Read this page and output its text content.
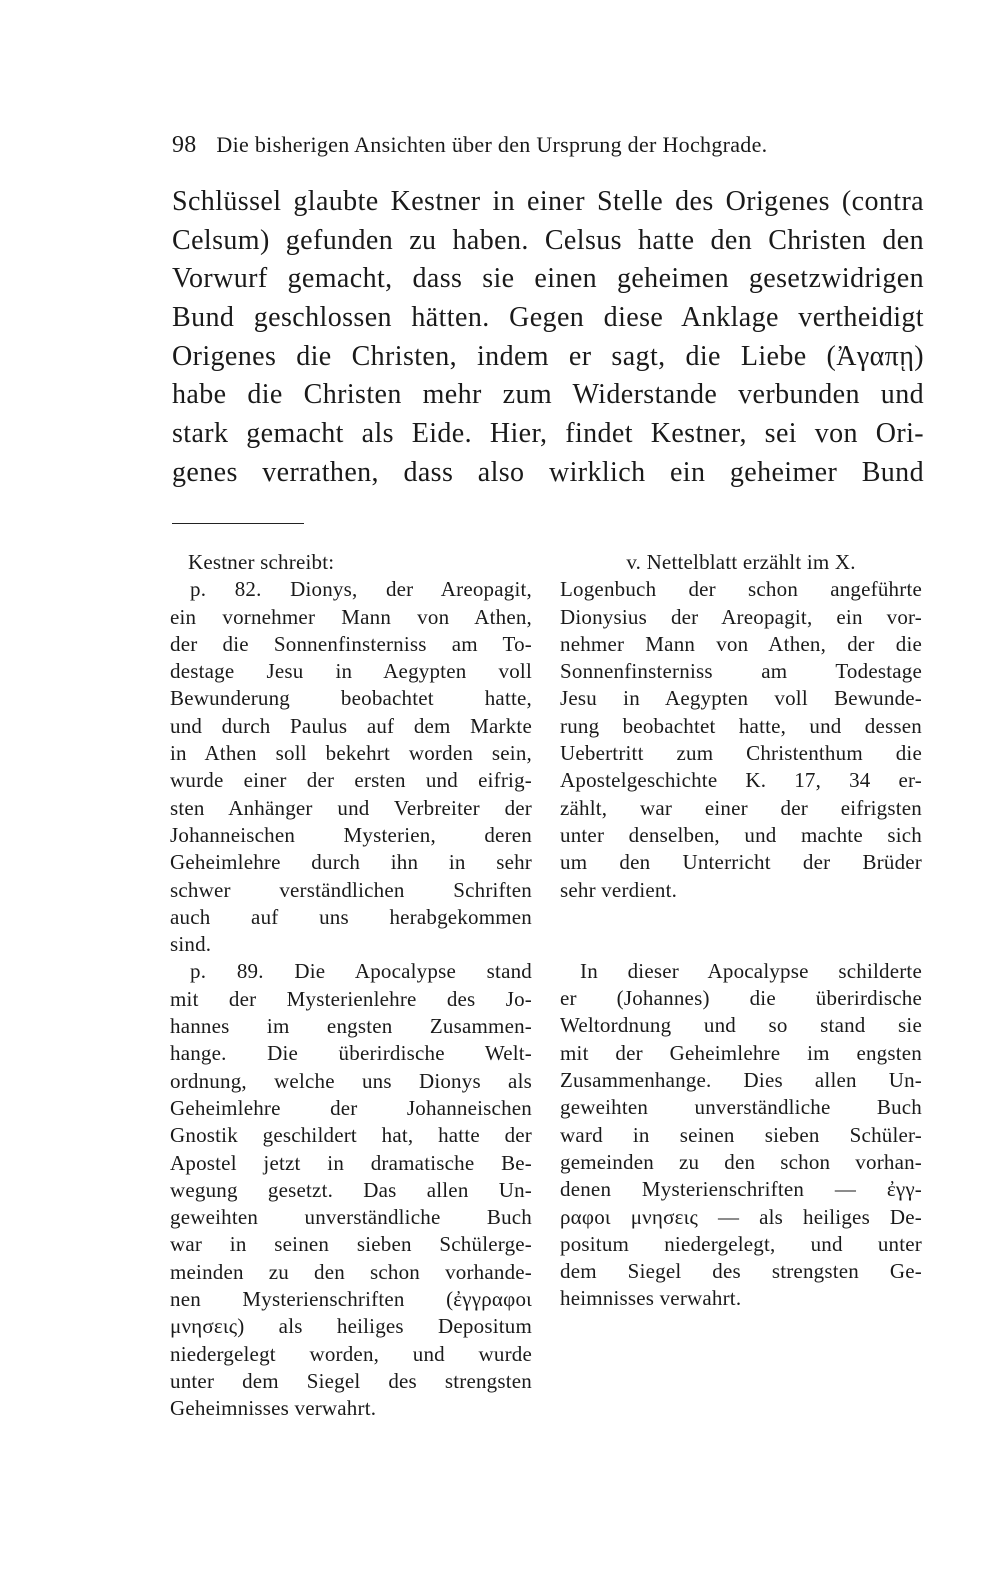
98 Die bisherigen Ansichten über den Ursprung der Hochgrade.
Schlüssel glaubte Kestner in einer Stelle des Origenes (contra
Celsum) gefunden zu haben. Celsus hatte den Christen den
Vorwurf gemacht, dass sie einen geheimen gesetzwidrigen
Bund geschlossen hätten. Gegen diese Anklage vertheidigt
Origenes die Christen, indem er sagt, die Liebe (Ἀγαπῃ)
habe die Christen mehr zum Widerstande verbunden und
stark gemacht als Eide. Hier, findet Kestner, sei von Ori-
genes verrathen, dass also wirklich ein geheimer Bund
Kestner schreibt:
p. 82. Dionys, der Areopagit,
ein vornehmer Mann von Athen,
der die Sonnenfinsterniss am To-
destage Jesu in Aegypten voll
Bewunderung beobachtet hatte,
und durch Paulus auf dem Markte
in Athen soll bekehrt worden sein,
wurde einer der ersten und eifrig-
sten Anhänger und Verbreiter der
Johanneischen Mysterien, deren
Geheimlehre durch ihn in sehr
schwer verständlichen Schriften
auch auf uns herabgekommen
sind.
p. 89. Die Apocalypse stand
mit der Mysterienlehre des Jo-
hannes im engsten Zusammen-
hange. Die überirdische Welt-
ordnung, welche uns Dionys als
Geheimlehre der Johanneischen
Gnostik geschildert hat, hatte der
Apostel jetzt in dramatische Be-
wegung gesetzt. Das allen Un-
geweihten unverständliche Buch
war in seinen sieben Schülerge-
meinden zu den schon vorhande-
nen Mysterienschriften (ἐγγραφοι
μνησεις) als heiliges Depositum
niedergelegt worden, und wurde
unter dem Siegel des strengsten
Geheimnisses verwahrt.
v. Nettelblatt erzählt im X.
Logenbuch der schon angeführte
Dionysius der Areopagit, ein vor-
nehmer Mann von Athen, der die
Sonnenfinsterniss am Todestage
Jesu in Aegypten voll Bewunde-
rung beobachtet hatte, und dessen
Uebertritt zum Christenthum die
Apostelgeschichte K. 17, 34 er-
zählt, war einer der eifrigsten
unter denselben, und machte sich
um den Unterricht der Brüder
sehr verdient.
In dieser Apocalypse schilderte
er (Johannes) die überirdische
Weltordnung und so stand sie
mit der Geheimlehre im engsten
Zusammenhange. Dies allen Un-
geweihten unverständliche Buch
ward in seinen sieben Schüler-
gemeinden zu den schon vorhan-
denen Mysterienschriften — ἐγγ-
ραφοι μνησεις — als heiliges De-
positum niedergelegt, und unter
dem Siegel des strengsten Ge-
heimnisses verwahrt.
